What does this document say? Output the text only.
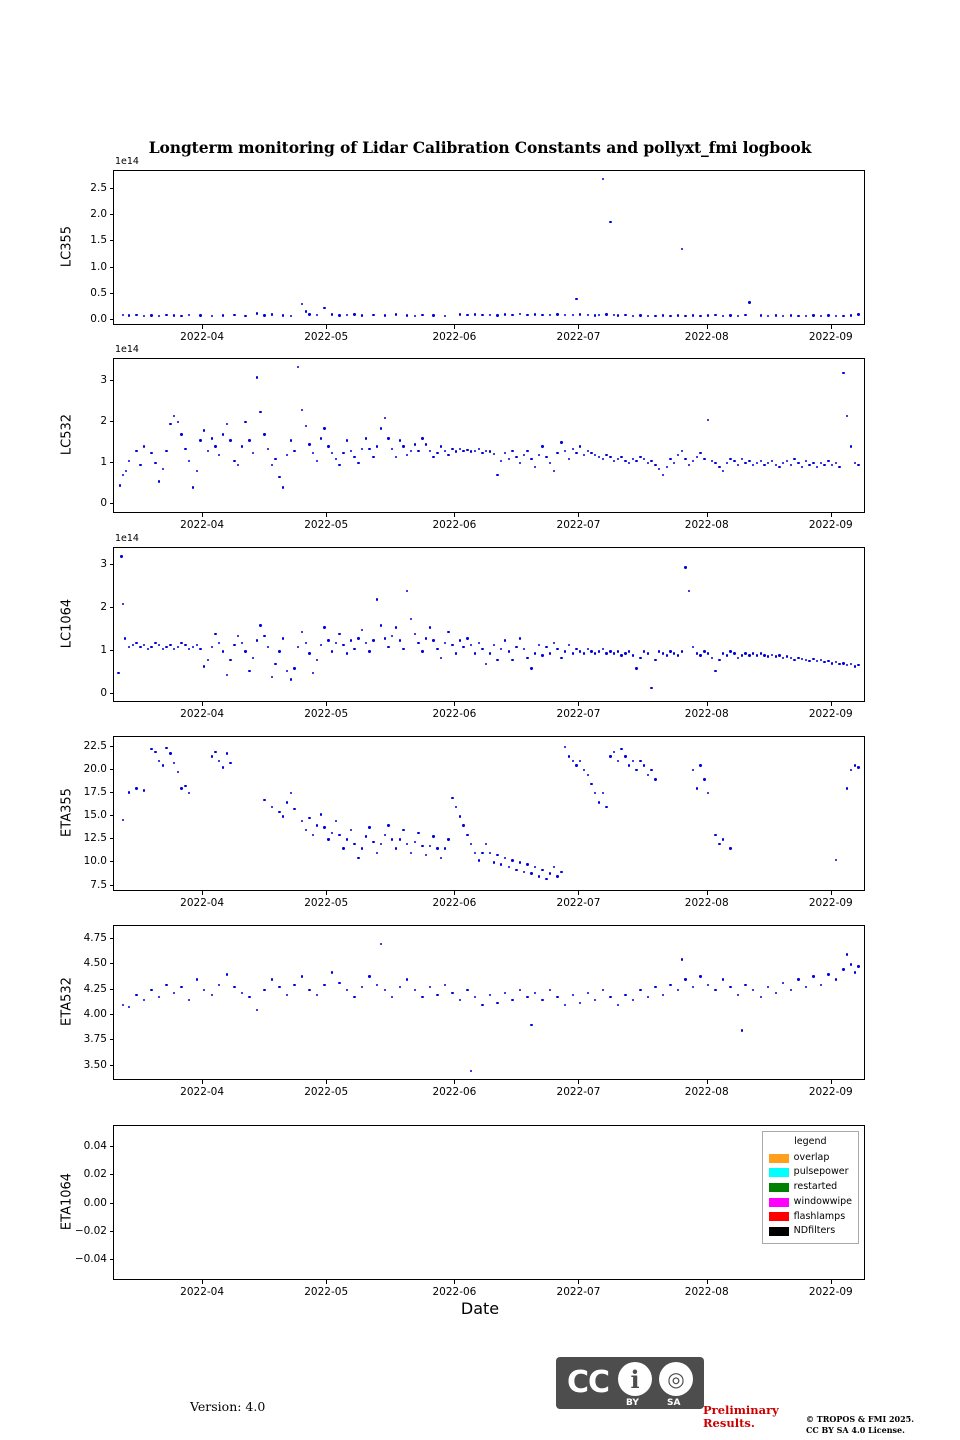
Longterm monitoring of Lidar Calibration Constants and pollyxt_fmi logbook
0.0
0.5
1.0
1.5
2.0
2.5
2022-04	2022-05	2022-06	2022-07	2022-08	2022-09
1e14
LC355
0
1
2
3
2022-04	2022-05	2022-06	2022-07	2022-08	2022-09
1e14
LC532
0
1
2
3
2022-04	2022-05	2022-06	2022-07	2022-08	2022-09
1e14
LC1064
7.5
10.0
12.5
15.0
17.5
20.0
22.5
2022-04	2022-05	2022-06	2022-07	2022-08	2022-09
ETA355
3.50
3.75
4.00
4.25
4.50
4.75
2022-04	2022-05	2022-06	2022-07	2022-08	2022-09
ETA532
legend
overlap
pulsepower
restarted
windowwipe
flashlamps
NDfilters
−0.04
−0.02
0.00
0.02
0.04
2022-04	2022-05	2022-06	2022-07	2022-08	2022-09
ETA1064
Date
Version: 4.0
CC i	◎
BY	SA Preliminary
Results.	© TROPOS & FMI 2025.
CC BY SA 4.0 License.
